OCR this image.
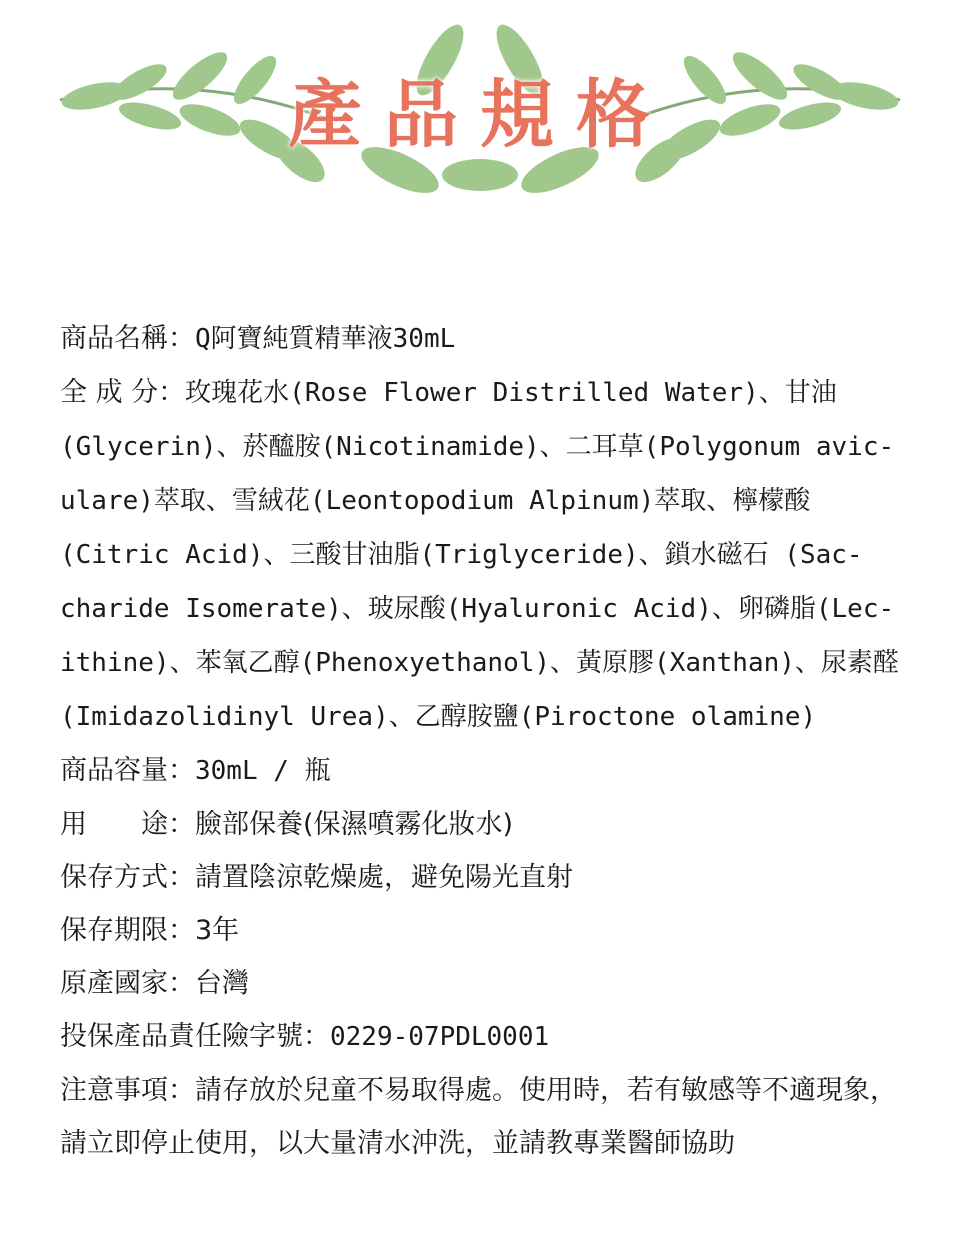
產品規格
商品名稱：Q阿寶純質精華液30mL
全 成 分：玫瑰花水(Rose Flower Distrilled Water)、甘油(Glycerin)、菸醯胺(Nicotinamide)、二耳草(Polygonum avic-ulare)萃取、雪絨花(Leontopodium Alpinum)萃取、檸檬酸(Citric Acid)、三酸甘油脂(Triglyceride)、鎖水磁石 (Sac-charide Isomerate)、玻尿酸(Hyaluronic Acid)、卵磷脂(Lec-ithine)、苯氧乙醇(Phenoxyethanol)、黃原膠(Xanthan)、尿素醛(Imidazolidinyl Urea)、乙醇胺鹽(Piroctone olamine)
商品容量：30mL / 瓶
用　　途：臉部保養(保濕噴霧化妝水)
保存方式：請置陰涼乾燥處，避免陽光直射
保存期限：3年
原產國家：台灣
投保產品責任險字號：0229-07PDL0001
注意事項：請存放於兒童不易取得處。使用時，若有敏感等不適現象，請立即停止使用，以大量清水沖洗，並請教專業醫師協助
